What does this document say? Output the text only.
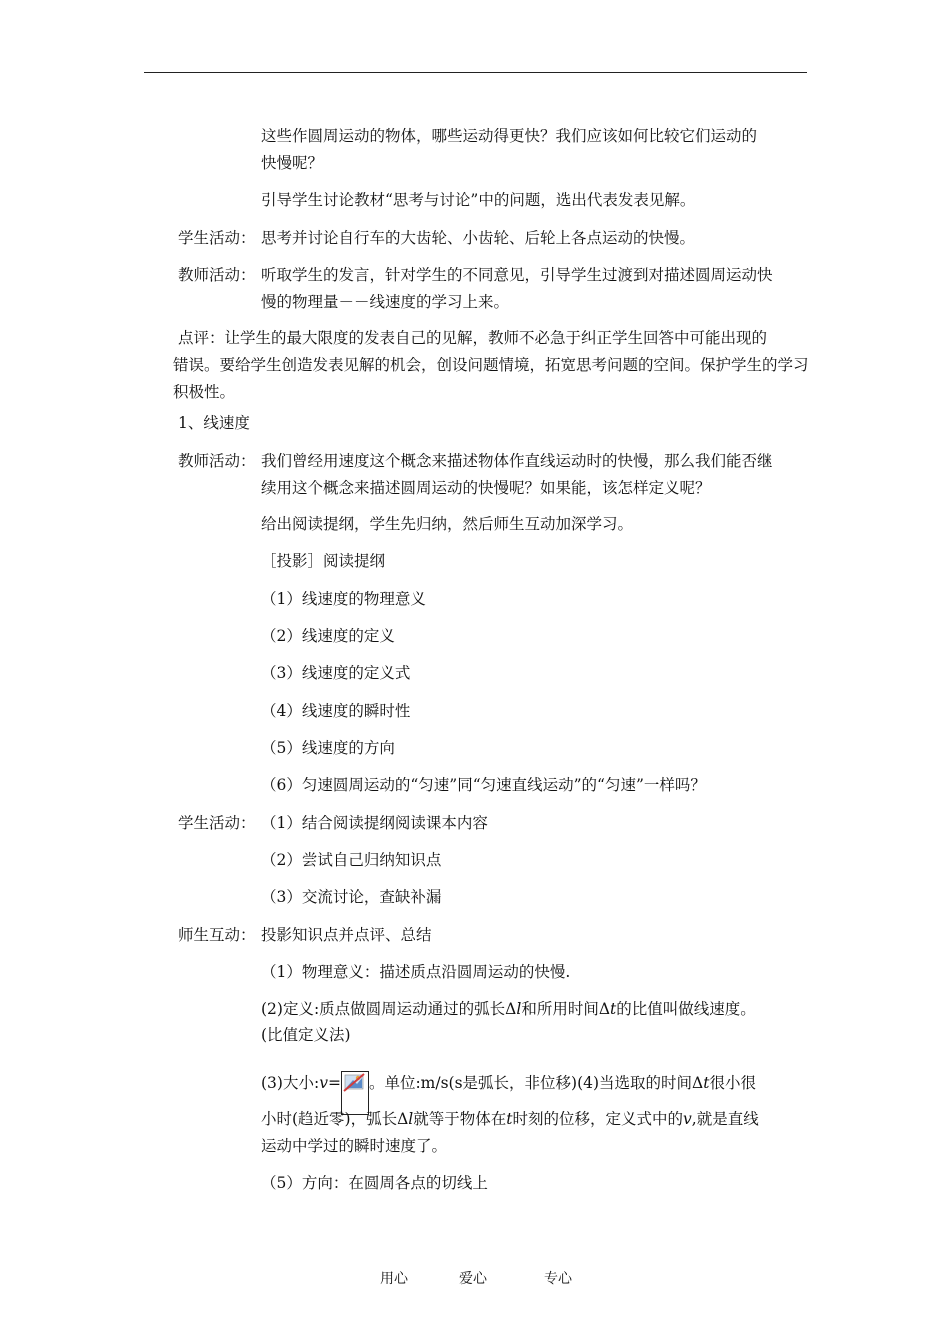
这些作圆周运动的物体，哪些运动得更快？我们应该如何比较它们运动的

快慢呢？

引导学生讨论教材“思考与讨论”中的问题，选出代表发表见解。

学生活动： 思考并讨论自行车的大齿轮、小齿轮、后轮上各点运动的快慢。

教师活动： 听取学生的发言，针对学生的不同意见，引导学生过渡到对描述圆周运动快

慢的物理量－－线速度的学习上来。

点评：让学生的最大限度的发表自己的见解，教师不必急于纠正学生回答中可能出现的

错误。要给学生创造发表见解的机会，创设问题情境，拓宽思考问题的空间。保护学生的学习

积极性。

1、线速度

教师活动： 我们曾经用速度这个概念来描述物体作直线运动时的快慢，那么我们能否继

续用这个概念来描述圆周运动的快慢呢？如果能，该怎样定义呢？

给出阅读提纲，学生先归纳，然后师生互动加深学习。

［投影］阅读提纲

（1）线速度的物理意义

（2）线速度的定义

（3）线速度的定义式

（4）线速度的瞬时性

（5）线速度的方向

（6）匀速圆周运动的“匀速”同“匀速直线运动”的“匀速”一样吗？

学生活动： （1）结合阅读提纲阅读课本内容

（2）尝试自己归纳知识点

（3）交流讨论，查缺补漏

师生互动： 投影知识点并点评、总结

（1）物理意义：描述质点沿圆周运动的快慢.

(2)定义:质点做圆周运动通过的弧长Δl和所用时间Δt的比值叫做线速度。

(比值定义法)

(3)大小:v= 。单位:m/s(s是弧长，非位移)(4)当选取的时间Δt很小很

小时(趋近零)，弧长Δl就等于物体在t时刻的位移，定义式中的v,就是直线

运动中学过的瞬时速度了。

（5）方向：在圆周各点的切线上

用心	爱心	专心
